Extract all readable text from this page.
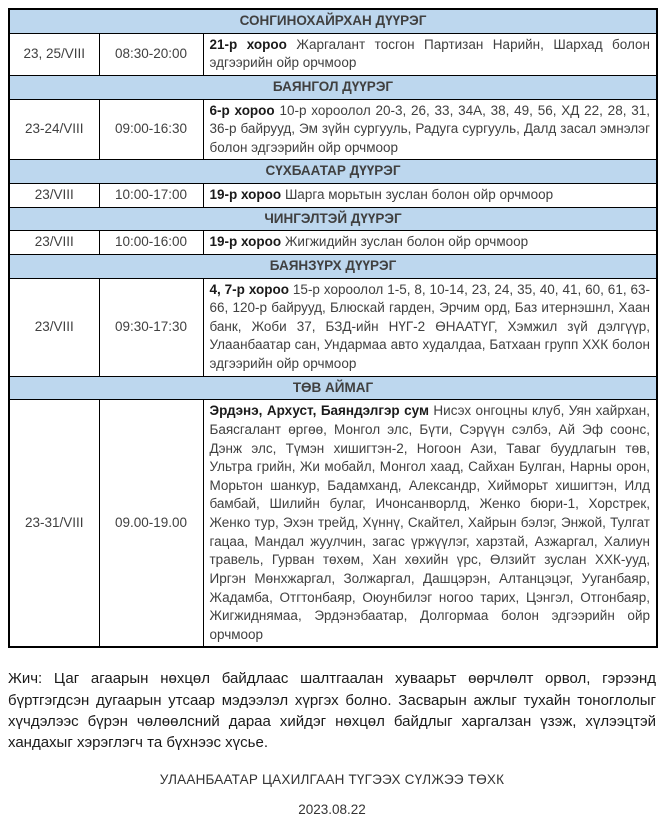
СОНГИНОХАЙРХАН ДҮҮРЭГ		
23, 25/VIII	08:30-20:00	21-р хороо Жаргалант тосгон Партизан Нарийн, Шархад болон эдгээрийн ойр орчмоор
БАЯНГОЛ ДҮҮРЭГ		
23-24/VIII	09:00-16:30	6-р хороо 10-р хороолол 20-3, 26, 33, 34А, 38, 49, 56, ХД 22, 28, 31, 36-р байрууд, Эм зүйн сургууль, Радуга сургууль, Далд засал эмнэлэг болон эдгээрийн ойр орчмоор
СҮХБААТАР ДҮҮРЭГ		
23/VIII	10:00-17:00	19-р хороо Шарга морьтын зуслан болон ойр орчмоор
ЧИНГЭЛТЭЙ ДҮҮРЭГ		
23/VIII	10:00-16:00	19-р хороо Жигжидийн зуслан болон ойр орчмоор
БАЯНЗҮРХ ДҮҮРЭГ		
23/VIII	09:30-17:30	4, 7-р хороо 15-р хороолол 1-5, 8, 10-14, 23, 24, 35, 40, 41, 60, 61, 63-66, 120-р байрууд, Блюскай гарден, Эрчим орд, Баз итернэшнл, Хаан банк, Жоби 37, БЗД-ийн НҮГ-2 ӨНААТҮГ, Хэмжил зүй дэлгүүр, Улаанбаатар сан, Ундармаа авто худалдаа, Батхаан групп ХХК болон эдгээрийн ойр орчмоор
ТӨВ АЙМАГ		
23-31/VIII	09.00-19.00	Эрдэнэ, Архуст, Баяндэлгэр сум Нисэх онгоцны клуб, Уян хайрхан, Баясгалант өргөө, Монгол элс, Бүти, Сэрүүн сэлбэ, Ай Эф соонс, Дэнж элс, Түмэн хишигтэн-2, Ногоон Ази, Таваг буудлагын төв, Ультра грийн, Жи мобайл, Монгол хаад, Сайхан Булган, Нарны орон, Морьтон шанкур, Бадамханд, Александр, Хийморьт хишигтэн, Илд бамбай, Шилийн булаг, Ичонсанворлд, Женко бюри-1, Хорстрек, Женко тур, Эхэн трейд, Хүннү, Скайтел, Хайрын бэлэг, Энжой, Тулгат гацаа, Мандал жуулчин, загас үржүүлэг, харзтай, Азжаргал, Халиун травель, Гурван төхөм, Хан хөхийн үрс, Өлзийт зуслан ХХК-ууд, Иргэн Мөнхжаргал, Золжаргал, Дашцэрэн, Алтанцэцэг, Ууганбаяр, Жадамба, Отгтонбаяр, Оюунбилэг ногоо тарих, Цэнгэл, Отгонбаяр, Жигжиднямаа, Эрдэнэбаатар, Долгормаа болон эдгээрийн ойр орчмоор

Жич: Цаг агаарын нөхцөл байдлаас шалтгаалан хуваарьт өөрчлөлт орвол, гэрээнд бүртгэгдсэн дугаарын утсаар мэдээлэл хүргэх болно. Засварын ажлыг тухайн тоноглолыг хүчдэлээс бүрэн чөлөөлсний дараа хийдэг нөхцөл байдлыг харгалзан үзэж, хүлээцтэй хандахыг хэрэглэгч та бүхнээс хүсье.

УЛААНБААТАР ЦАХИЛГААН ТҮГЭЭХ СҮЛЖЭЭ ТӨХК
2023.08.22
